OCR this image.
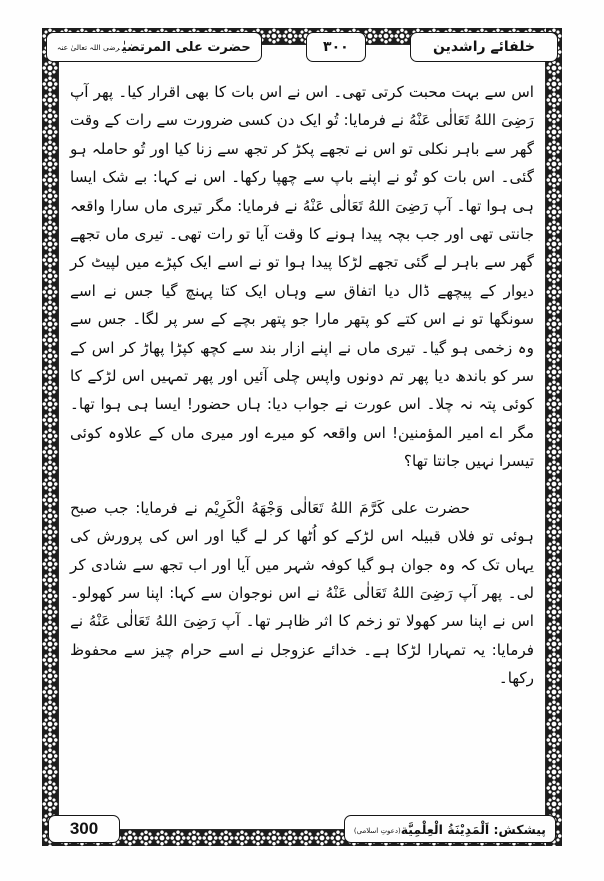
خلفائے راشدین
۳۰۰
حضرت علی المرتضیٰرضی اللہ تعالیٰ عنہ

اس سے بہت محبت کرتی تھی۔ اس نے اس بات کا بھی اقرار کیا۔ پھر آپ رَضِیَ اللهُ تَعَالٰی عَنْهُ نے فرمایا: تُو ایک دن کسی ضرورت سے رات کے وقت گھر سے باہر نکلی تو اس نے تجھے پکڑ کر تجھ سے زنا کیا اور تُو حاملہ ہو گئی۔ اس بات کو تُو نے اپنے باپ سے چھپا رکھا۔ اس نے کہا: بے شک ایسا ہی ہوا تھا۔ آپ رَضِیَ اللهُ تَعَالٰی عَنْهُ نے فرمایا: مگر تیری ماں سارا واقعہ جانتی تھی اور جب بچہ پیدا ہونے کا وقت آیا تو رات تھی۔ تیری ماں تجھے گھر سے باہر لے گئی تجھے لڑکا پیدا ہوا تو نے اسے ایک کپڑے میں لپیٹ کر دیوار کے پیچھے ڈال دیا اتفاق سے وہاں ایک کتا پہنچ گیا جس نے اسے سونگھا تو نے اس کتے کو پتھر مارا جو پتھر بچے کے سر پر لگا۔ جس سے وہ زخمی ہو گیا۔ تیری ماں نے اپنے ازار بند سے کچھ کپڑا پھاڑ کر اس کے سر کو باندھ دیا پھر تم دونوں واپس چلی آئیں اور پھر تمہیں اس لڑکے کا کوئی پتہ نہ چلا۔ اس عورت نے جواب دیا: ہاں حضور! ایسا ہی ہوا تھا۔ مگر اے امیر المؤمنین! اس واقعہ کو میرے اور میری ماں کے علاوہ کوئی تیسرا نہیں جانتا تھا؟

حضرت علی کَرَّمَ اللهُ تَعَالٰی وَجْهَهُ الْکَرِیْم نے فرمایا: جب صبح ہوئی تو فلاں قبیلہ اس لڑکے کو اُٹھا کر لے گیا اور اس کی پرورش کی یہاں تک کہ وہ جوان ہو گیا کوفہ شہر میں آیا اور اب تجھ سے شادی کر لی۔ پھر آپ رَضِیَ اللهُ تَعَالٰی عَنْهُ نے اس نوجوان سے کہا: اپنا سر کھولو۔ اس نے اپنا سر کھولا تو زخم کا اثر ظاہر تھا۔ آپ رَضِیَ اللهُ تَعَالٰی عَنْهُ نے فرمایا: یہ تمہارا لڑکا ہے۔ خدائے عزوجل نے اسے حرام چیز سے محفوظ رکھا۔

پیشکش: اَلْمَدِیْنَةُ الْعِلْمِیَّة(دعوتِ اسلامی)
300
